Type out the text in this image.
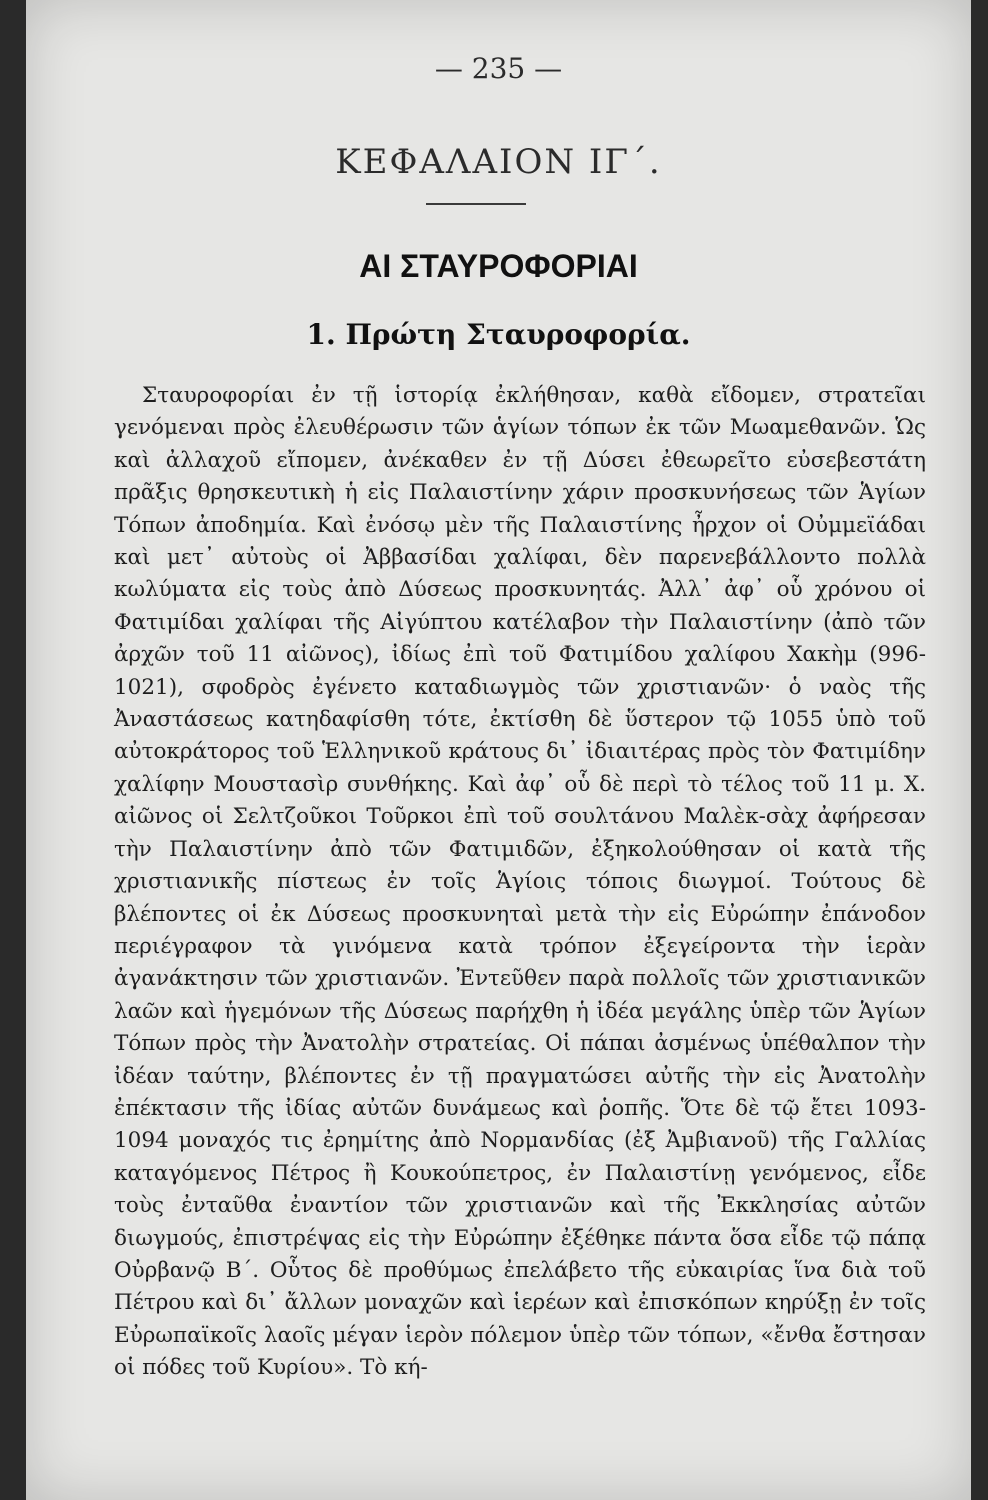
— 235 —
ΚΕΦΑΛΑΙΟΝ ΙΓ΄.
ΑΙ ΣΤΑΥΡΟΦΟΡΙΑΙ
1. Πρώτη Σταυροφορία.

Σταυροφορίαι ἐν τῇ ἱστορίᾳ ἐκλήθησαν, καθὰ εἴδομεν, στρατεῖαι γενόμεναι πρὸς ἐλευθέρωσιν τῶν ἁγίων τόπων ἐκ τῶν Μωαμεθανῶν. Ὡς καὶ ἀλλαχοῦ εἴπομεν, ἀνέκαθεν ἐν τῇ Δύσει ἐθεωρεῖτο εὐσεβεστάτη πρᾶξις θρησκευτικὴ ἡ εἰς Παλαιστίνην χάριν προσκυνήσεως τῶν Ἁγίων Τόπων ἀποδημία. Καὶ ἐνόσῳ μὲν τῆς Παλαιστίνης ἦρχον οἱ Οὐμμεϊάδαι καὶ μετ᾽ αὐτοὺς οἱ Ἀββασίδαι χαλίφαι, δὲν παρενεβάλλοντο πολλὰ κωλύματα εἰς τοὺς ἀπὸ Δύσεως προσκυνητάς. Ἀλλ᾽ ἀφ᾽ οὗ χρόνου οἱ Φατιμίδαι χαλίφαι τῆς Αἰγύπτου κατέλαβον τὴν Παλαιστίνην (ἀπὸ τῶν ἀρχῶν τοῦ 11 αἰῶνος), ἰδίως ἐπὶ τοῦ Φατιμίδου χαλίφου Χακὴμ (996-1021), σφοδρὸς ἐγένετο καταδιωγμὸς τῶν χριστιανῶν· ὁ ναὸς τῆς Ἀναστάσεως κατηδαφίσθη τότε, ἐκτίσθη δὲ ὕστερον τῷ 1055 ὑπὸ τοῦ αὐτοκράτορος τοῦ Ἑλληνικοῦ κράτους δι᾽ ἰδιαιτέρας πρὸς τὸν Φατιμίδην χαλίφην Μουστασὶρ συνθήκης. Καὶ ἀφ᾽ οὗ δὲ περὶ τὸ τέλος τοῦ 11 μ. Χ. αἰῶνος οἱ Σελτζοῦκοι Τοῦρκοι ἐπὶ τοῦ σουλτάνου Μαλὲκ-σὰχ ἀφήρεσαν τὴν Παλαιστίνην ἀπὸ τῶν Φατιμιδῶν, ἐξηκολούθησαν οἱ κατὰ τῆς χριστιανικῆς πίστεως ἐν τοῖς Ἁγίοις τόποις διωγμοί. Τούτους δὲ βλέποντες οἱ ἐκ Δύσεως προσκυνηταὶ μετὰ τὴν εἰς Εὐρώπην ἐπάνοδον περιέγραφον τὰ γινόμενα κατὰ τρόπον ἐξεγείροντα τὴν ἱερὰν ἀγανάκτησιν τῶν χριστιανῶν. Ἐντεῦθεν παρὰ πολλοῖς τῶν χριστιανικῶν λαῶν καὶ ἡγεμόνων τῆς Δύσεως παρήχθη ἡ ἰδέα μεγάλης ὑπὲρ τῶν Ἁγίων Τόπων πρὸς τὴν Ἀνατολὴν στρατείας. Οἱ πάπαι ἀσμένως ὑπέθαλπον τὴν ἰδέαν ταύτην, βλέποντες ἐν τῇ πραγματώσει αὐτῆς τὴν εἰς Ἀνατολὴν ἐπέκτασιν τῆς ἰδίας αὐτῶν δυνάμεως καὶ ῥοπῆς. Ὅτε δὲ τῷ ἔτει 1093-1094 μοναχός τις ἐρημίτης ἀπὸ Νορμανδίας (ἐξ Ἀμβιανοῦ) τῆς Γαλλίας καταγόμενος Πέτρος ἢ Κουκούπετρος, ἐν Παλαιστίνῃ γενόμενος, εἶδε τοὺς ἐνταῦθα ἐναντίον τῶν χριστιανῶν καὶ τῆς Ἐκκλησίας αὐτῶν διωγμούς, ἐπιστρέψας εἰς τὴν Εὐρώπην ἐξέθηκε πάντα ὅσα εἶδε τῷ πάπᾳ Οὐρβανῷ Β΄. Οὗτος δὲ προθύμως ἐπελάβετο τῆς εὐκαιρίας ἵνα διὰ τοῦ Πέτρου καὶ δι᾽ ἄλλων μοναχῶν καὶ ἱερέων καὶ ἐπισκόπων κηρύξῃ ἐν τοῖς Εὐρωπαϊκοῖς λαοῖς μέγαν ἱερὸν πόλεμον ὑπὲρ τῶν τόπων, «ἔνθα ἔστησαν οἱ πόδες τοῦ Κυρίου». Τὸ κή-
